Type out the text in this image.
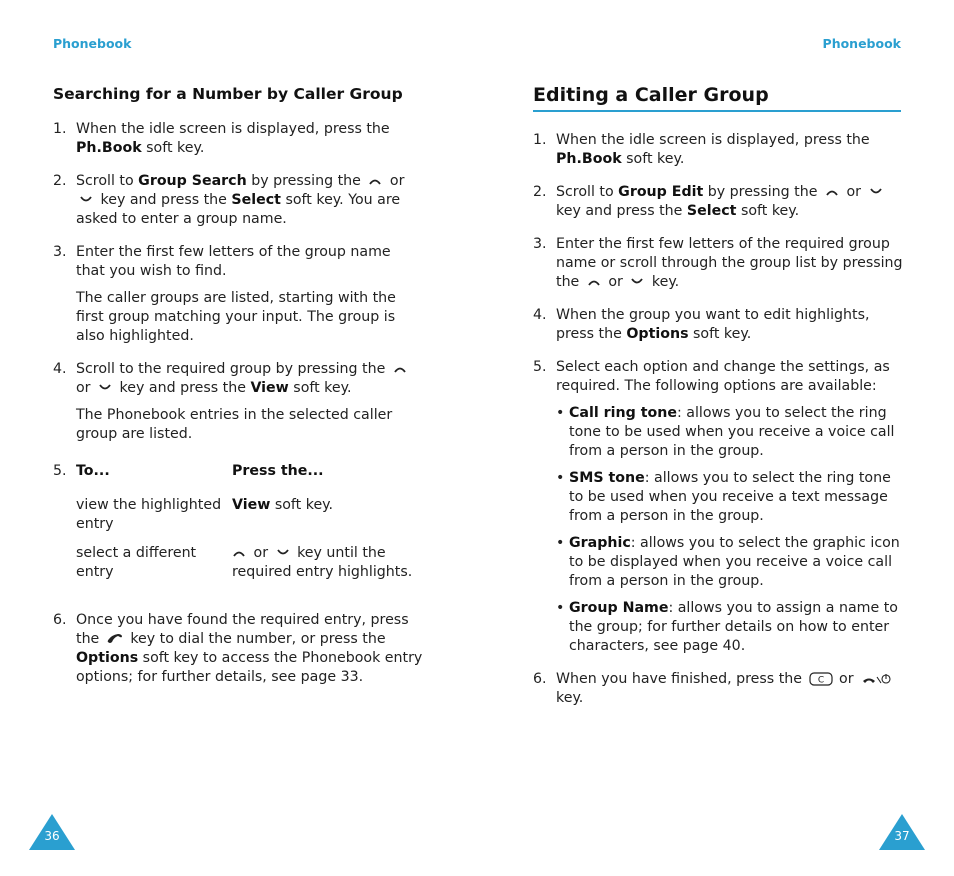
Phonebook
Searching for a Number by Caller Group
1. When the idle screen is displayed, press the Ph.Book soft key.
2. Scroll to Group Search by pressing the or
key and press the Select soft key. You are asked to enter a group name.
3. Enter the first few letters of the group name that you wish to find.

The caller groups are listed, starting with the first group matching your input. The group is also highlighted.

4. Scroll to the required group by pressing the
or key and press the View soft key.

The Phonebook entries in the selected caller group are listed.

5. To...	Press the...
view the highlighted entry
View soft key.
select a different entry
or key until the required entry highlights.
6. Once you have found the required entry, press the key to dial the number, or press the Options soft key to access the Phonebook entry options; for further details, see page 33.
36
Phonebook
Editing a Caller Group
1. When the idle screen is displayed, press the Ph.Book soft key.
2. Scroll to Group Edit by pressing the or
key and press the Select soft key.
3. Enter the first few letters of the required group name or scroll through the group list by pressing the or key.
4. When the group you want to edit highlights, press the Options soft key.
5. Select each option and change the settings, as required. The following options are available:

• Call ring tone: allows you to select the ring tone to be used when you receive a voice call from a person in the group.
• SMS tone: allows you to select the ring tone to be used when you receive a text message from a person in the group.
• Graphic: allows you to select the graphic icon to be displayed when you receive a voice call from a person in the group.
• Group Name: allows you to assign a name to the group; for further details on how to enter characters, see page 40.
6. When you have finished, press the C or
key.
37
